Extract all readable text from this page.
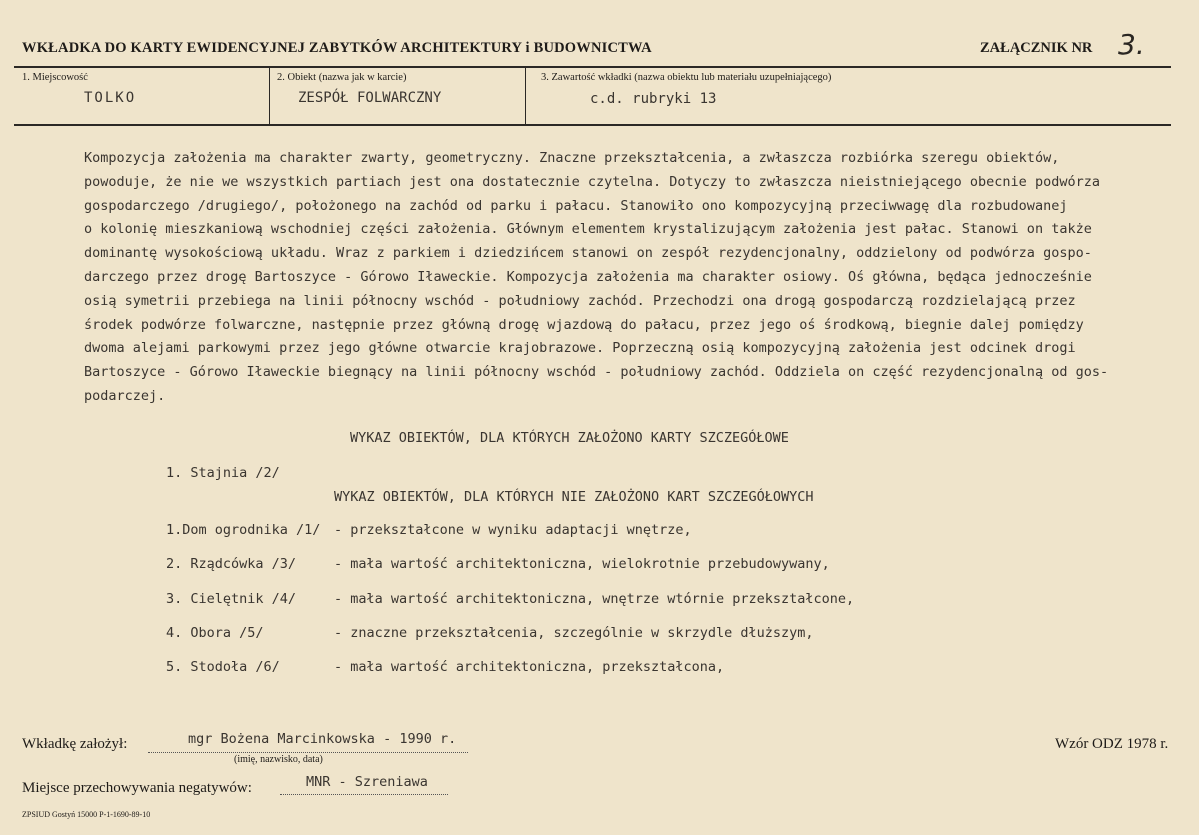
WKŁADKA DO KARTY EWIDENCYJNEJ ZABYTKÓW ARCHITEKTURY i BUDOWNICTWA	ZAŁĄCZNIK NR 3.
1. Miejscowość
TOLKO
2. Obiekt (nazwa jak w karcie)
ZESPÓŁ FOLWARCZNY
3. Zawartość wkładki (nazwa obiektu lub materiału uzupełniającego)
c.d. rubryki 13
Kompozycja założenia ma charakter zwarty, geometryczny. Znaczne przekształcenia, a zwłaszcza rozbiórka szeregu obiektów,
powoduje, że nie we wszystkich partiach jest ona dostatecznie czytelna. Dotyczy to zwłaszcza nieistniejącego obecnie podwórza
gospodarczego /drugiego/, położonego na zachód od parku i pałacu. Stanowiło ono kompozycyjną przeciwwagę dla rozbudowanej
o kolonię mieszkaniową wschodniej części założenia. Głównym elementem krystalizującym założenia jest pałac. Stanowi on także
dominantę wysokościową układu. Wraz z parkiem i dziedzińcem stanowi on zespół rezydencjonalny, oddzielony od podwórza gospo-
darczego przez drogę Bartoszyce - Górowo Iławeckie. Kompozycja założenia ma charakter osiowy. Oś główna, będąca jednocześnie
osią symetrii przebiega na linii północny wschód - południowy zachód. Przechodzi ona drogą gospodarczą rozdzielającą przez
środek podwórze folwarczne, następnie przez główną drogę wjazdową do pałacu, przez jego oś środkową, biegnie dalej pomiędzy
dwoma alejami parkowymi przez jego główne otwarcie krajobrazowe. Poprzeczną osią kompozycyjną założenia jest odcinek drogi
Bartoszyce - Górowo Iławeckie biegnący na linii północny wschód - południowy zachód. Oddziela on część rezydencjonalną od gos-
podarczej.
WYKAZ OBIEKTÓW, DLA KTÓRYCH ZAŁOŻONO KARTY SZCZEGÓŁOWE
1. Stajnia /2/
WYKAZ OBIEKTÓW, DLA KTÓRYCH NIE ZAŁOŻONO KART SZCZEGÓŁOWYCH
1.Dom ogrodnika /1/ - przekształcone w wyniku adaptacji wnętrze,
2. Rządcówka /3/	- mała wartość architektoniczna, wielokrotnie przebudowywany,
3. Cielętnik /4/	- mała wartość architektoniczna, wnętrze wtórnie przekształcone,
4. Obora /5/	- znaczne przekształcenia, szczególnie w skrzydle dłuższym,
5. Stodoła /6/	- mała wartość architektoniczna, przekształcona,
Wkładkę założył:	mgr Bożena Marcinkowska - 1990 r.
(imię, nazwisko, data)
Wzór ODZ 1978 r.
Miejsce przechowywania negatywów:	MNR - Szreniawa
ZPSIUD Gostyń 15000 P-1-1690-89-10
